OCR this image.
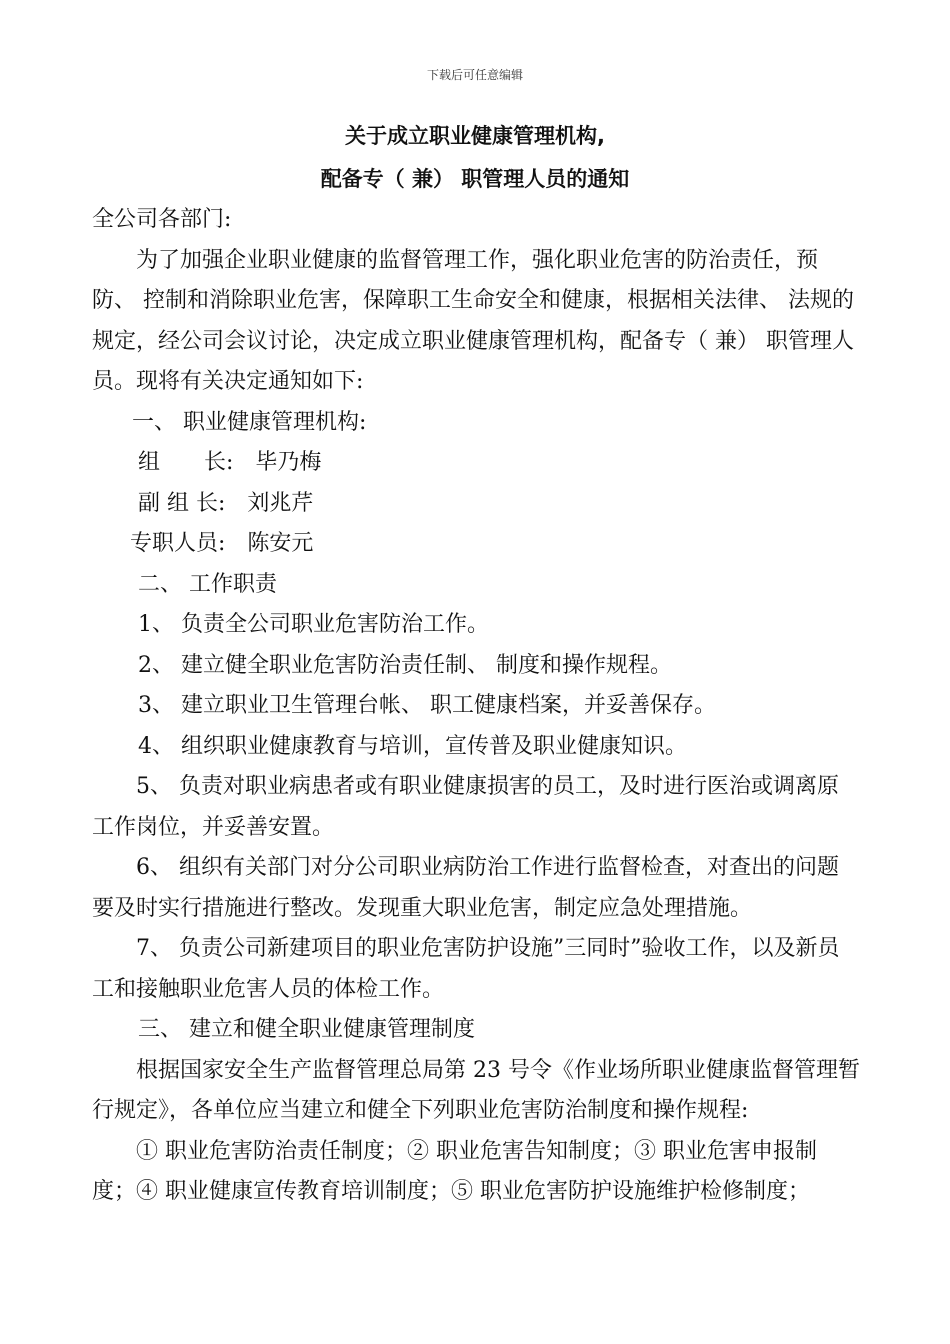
下载后可任意编辑
关于成立职业健康管理机构,
配备专（ 兼） 职管理人员的通知

全公司各部门:

为了加强企业职业健康的监督管理工作，强化职业危害的防治责任，预防、 控制和消除职业危害，保障职工生命安全和健康，根据相关法律、 法规的规定，经公司会议讨论，决定成立职业健康管理机构，配备专（ 兼） 职管理人员。现将有关决定通知如下:

一、 职业健康管理机构:

组　　长: 毕乃梅
副 组 长: 刘兆芹
专职人员: 陈安元

二、 工作职责

1、 负责全公司职业危害防治工作。

2、 建立健全职业危害防治责任制、 制度和操作规程。

3、 建立职业卫生管理台帐、 职工健康档案，并妥善保存。

4、 组织职业健康教育与培训，宣传普及职业健康知识。

5、 负责对职业病患者或有职业健康损害的员工，及时进行医治或调离原工作岗位，并妥善安置。

6、 组织有关部门对分公司职业病防治工作进行监督检查，对查出的问题要及时实行措施进行整改。发现重大职业危害，制定应急处理措施。

7、 负责公司新建项目的职业危害防护设施”三同时”验收工作，以及新员工和接触职业危害人员的体检工作。

三、 建立和健全职业健康管理制度

根据国家安全生产监督管理总局第 23 号令《作业场所职业健康监督管理暂行规定》，各单位应当建立和健全下列职业危害防治制度和操作规程:

① 职业危害防治责任制度；② 职业危害告知制度；③ 职业危害申报制度；④ 职业健康宣传教育培训制度；⑤ 职业危害防护设施维护检修制度；
